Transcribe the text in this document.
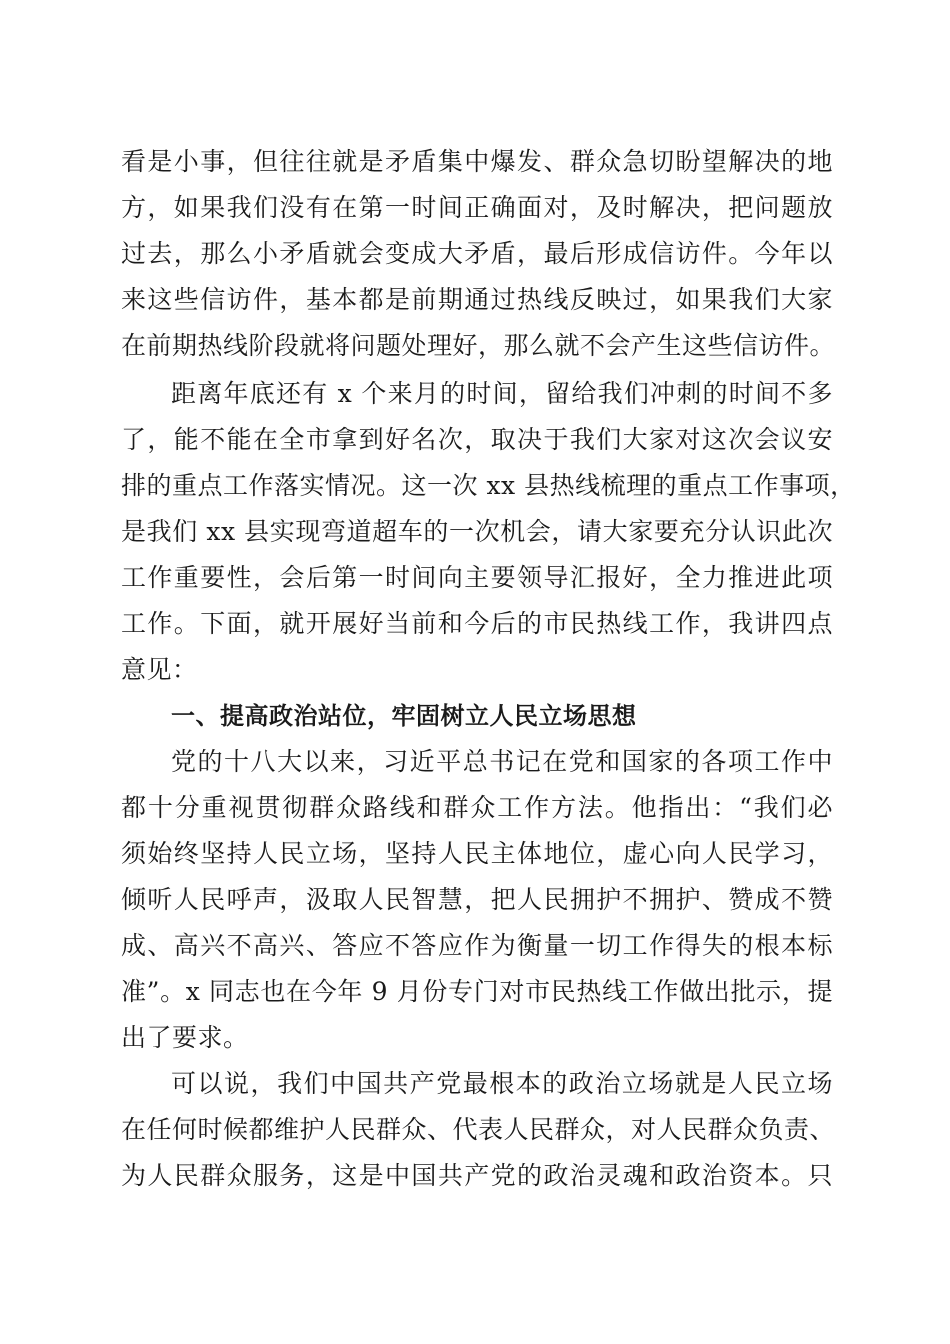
看是小事，但往往就是矛盾集中爆发、群众急切盼望解决的地
方，如果我们没有在第一时间正确面对，及时解决，把问题放
过去，那么小矛盾就会变成大矛盾，最后形成信访件。今年以
来这些信访件，基本都是前期通过热线反映过，如果我们大家
在前期热线阶段就将问题处理好，那么就不会产生这些信访件。
距离年底还有 x 个来月的时间，留给我们冲刺的时间不多
了，能不能在全市拿到好名次，取决于我们大家对这次会议安
排的重点工作落实情况。这一次 xx 县热线梳理的重点工作事项，
是我们 xx 县实现弯道超车的一次机会，请大家要充分认识此次
工作重要性，会后第一时间向主要领导汇报好，全力推进此项
工作。下面，就开展好当前和今后的市民热线工作，我讲四点
意见：
一、提高政治站位，牢固树立人民立场思想
党的十八大以来，习近平总书记在党和国家的各项工作中
都十分重视贯彻群众路线和群众工作方法。他指出：“我们必
须始终坚持人民立场，坚持人民主体地位，虚心向人民学习，
倾听人民呼声，汲取人民智慧，把人民拥护不拥护、赞成不赞
成、高兴不高兴、答应不答应作为衡量一切工作得失的根本标
准”。x 同志也在今年 9 月份专门对市民热线工作做出批示，提
出了要求。
可以说，我们中国共产党最根本的政治立场就是人民立场
在任何时候都维护人民群众、代表人民群众，对人民群众负责、
为人民群众服务，这是中国共产党的政治灵魂和政治资本。只
